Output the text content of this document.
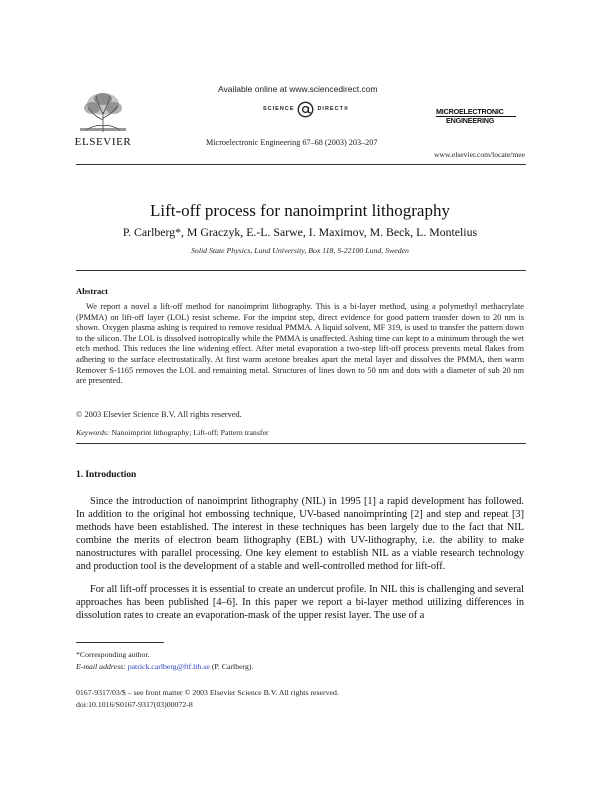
Available online at www.sciencedirect.com
SCIENCE	DIRECT ®
ELSEVIER	Microelectronic Engineering 67–68 (2003) 203–207
MICROELECTRONIC
ENGINEERING
www.elsevier.com/locate/mee
Lift-off process for nanoimprint lithography
P. Carlberg*, M Graczyk, E.-L. Sarwe, I. Maximov, M. Beck, L. Montelius
Solid State Physics, Lund University, Box 118, S-22100 Lund, Sweden
Abstract
We report a novel a lift-off method for nanoimprint lithography. This is a bi-layer method, using a polymethyl methacrylate (PMMA) on lift-off layer (LOL) resist scheme. For the imprint step, direct evidence for good pattern transfer down to 20 nm is shown. Oxygen plasma ashing is required to remove residual PMMA. A liquid solvent, MF 319, is used to transfer the pattern down to the silicon. The LOL is dissolved isotropically while the PMMA is unaffected. Ashing time can kept to a minimum through the wet etch method. This reduces the line widening effect. After metal evaporation a two-step lift-off process prevents metal flakes from adhering to the surface electrostatically. At first warm acetone breakes apart the metal layer and dissolves the PMMA, then warm Remover S-1165 removes the LOL and remaining metal. Structures of lines down to 50 nm and dots with a diameter of sub 20 nm are presented.
© 2003 Elsevier Science B.V. All rights reserved.
Keywords: Nanoimprint lithography; Lift-off; Pattern transfer
1. Introduction
Since the introduction of nanoimprint lithography (NIL) in 1995 [1] a rapid development has followed. In addition to the original hot embossing technique, UV-based nanoimprinting [2] and step and repeat [3] methods have been established. The interest in these techniques has been largely due to the fact that NIL combine the merits of electron beam lithography (EBL) with UV-lithography, i.e. the ability to make nanostructures with parallel processing. One key element to establish NIL as a viable research technology and production tool is the development of a stable and well-controlled method for lift-off.
For all lift-off processes it is essential to create an undercut profile. In NIL this is challenging and several approaches has been published [4–6]. In this paper we report a bi-layer method utilizing differences in dissolution rates to create an evaporation-mask of the upper resist layer. The use of a
*Corresponding author.
E-mail address: patrick.carlberg@ftf.lth.se (P. Carlberg).
0167-9317/03/$ – see front matter © 2003 Elsevier Science B.V. All rights reserved.
doi:10.1016/S0167-9317(03)00072-8
